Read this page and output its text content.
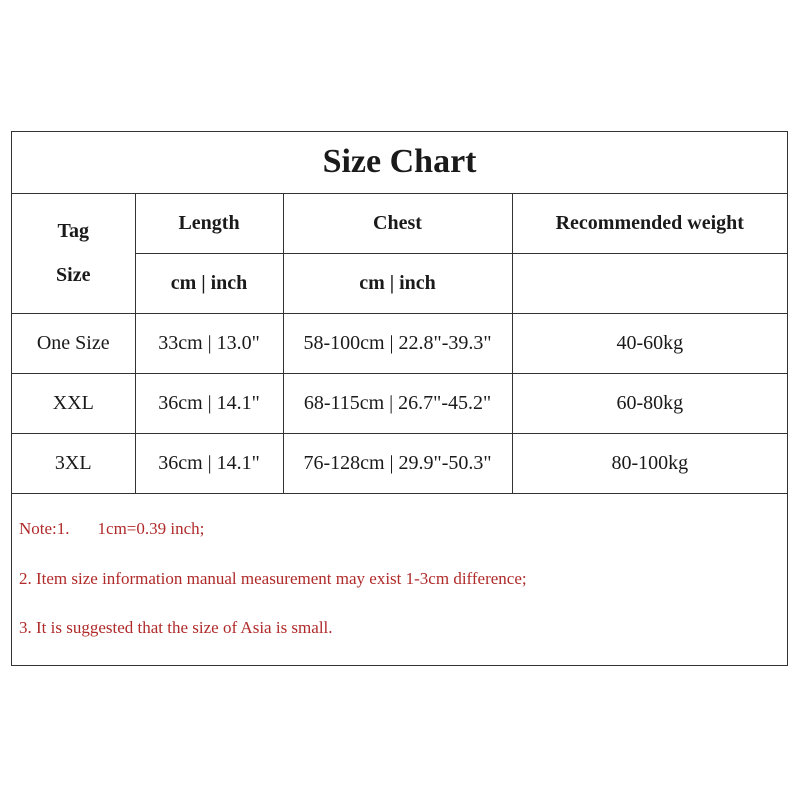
Size Chart			

Tag
Size	Length	Chest	Recommended weight
	cm | inch	cm | inch	
One Size	33cm | 13.0"	58-100cm | 22.8"-39.3"	40-60kg
XXL	36cm | 14.1"	68-115cm | 26.7"-45.2"	60-80kg
3XL	36cm | 14.1"	76-128cm | 29.9"-50.3"	80-100kg
Note:1. 1cm=0.39 inch;
2. Item size information manual measurement may exist 1-3cm difference;
3. It is suggested that the size of Asia is small.
